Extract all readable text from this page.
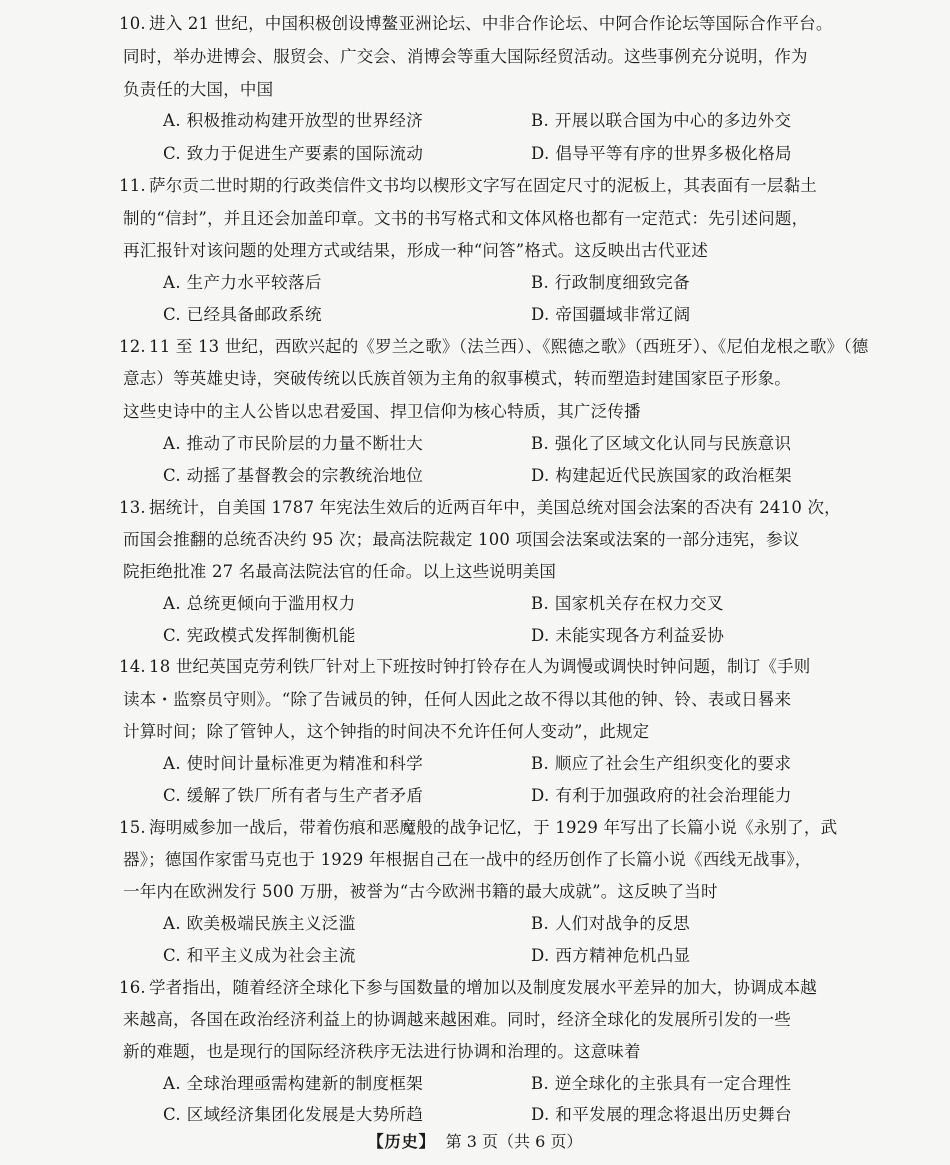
10. 进入 21 世纪，中国积极创设博鳌亚洲论坛、中非合作论坛、中阿合作论坛等国际合作平台。
同时，举办进博会、服贸会、广交会、消博会等重大国际经贸活动。这些事例充分说明，作为
负责任的大国，中国
A. 积极推动构建开放型的世界经济	B. 开展以联合国为中心的多边外交
C. 致力于促进生产要素的国际流动	D. 倡导平等有序的世界多极化格局
11. 萨尔贡二世时期的行政类信件文书均以楔形文字写在固定尺寸的泥板上，其表面有一层黏土
制的“信封”，并且还会加盖印章。文书的书写格式和文体风格也都有一定范式：先引述问题，
再汇报针对该问题的处理方式或结果，形成一种“问答”格式。这反映出古代亚述
A. 生产力水平较落后	B. 行政制度细致完备
C. 已经具备邮政系统	D. 帝国疆域非常辽阔
12. 11 至 13 世纪，西欧兴起的《罗兰之歌》（法兰西）、《熙德之歌》（西班牙）、《尼伯龙根之歌》（德
意志）等英雄史诗，突破传统以氏族首领为主角的叙事模式，转而塑造封建国家臣子形象。
这些史诗中的主人公皆以忠君爱国、捍卫信仰为核心特质，其广泛传播
A. 推动了市民阶层的力量不断壮大	B. 强化了区域文化认同与民族意识
C. 动摇了基督教会的宗教统治地位	D. 构建起近代民族国家的政治框架
13. 据统计，自美国 1787 年宪法生效后的近两百年中，美国总统对国会法案的否决有 2410 次，
而国会推翻的总统否决约 95 次；最高法院裁定 100 项国会法案或法案的一部分违宪，参议
院拒绝批准 27 名最高法院法官的任命。以上这些说明美国
A. 总统更倾向于滥用权力	B. 国家机关存在权力交叉
C. 宪政模式发挥制衡机能	D. 未能实现各方利益妥协
14. 18 世纪英国克劳利铁厂针对上下班按时钟打铃存在人为调慢或调快时钟问题，制订《手则
读本・监察员守则》。“除了告诫员的钟，任何人因此之故不得以其他的钟、铃、表或日晷来
计算时间；除了管钟人，这个钟指的时间决不允许任何人变动”，此规定
A. 使时间计量标准更为精准和科学	B. 顺应了社会生产组织变化的要求
C. 缓解了铁厂所有者与生产者矛盾	D. 有利于加强政府的社会治理能力
15. 海明威参加一战后，带着伤痕和恶魔般的战争记忆，于 1929 年写出了长篇小说《永别了，武
器》；德国作家雷马克也于 1929 年根据自己在一战中的经历创作了长篇小说《西线无战事》，
一年内在欧洲发行 500 万册，被誉为“古今欧洲书籍的最大成就”。这反映了当时
A. 欧美极端民族主义泛滥	B. 人们对战争的反思
C. 和平主义成为社会主流	D. 西方精神危机凸显
16. 学者指出，随着经济全球化下参与国数量的增加以及制度发展水平差异的加大，协调成本越
来越高，各国在政治经济利益上的协调越来越困难。同时，经济全球化的发展所引发的一些
新的难题，也是现行的国际经济秩序无法进行协调和治理的。这意味着
A. 全球治理亟需构建新的制度框架	B. 逆全球化的主张具有一定合理性
C. 区域经济集团化发展是大势所趋	D. 和平发展的理念将退出历史舞台
【历史】 第 3 页（共 6 页）
